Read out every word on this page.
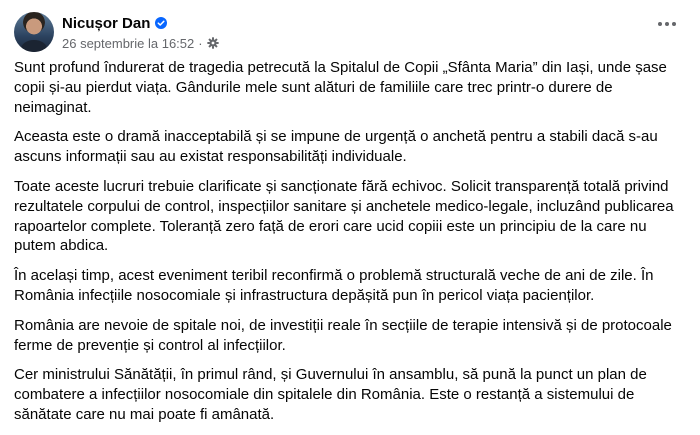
Nicușor Dan
26 septembrie la 16:52 ·

Sunt profund îndurerat de tragedia petrecută la Spitalul de Copii „Sfânta Maria” din Iași, unde șase copii și-au pierdut viața. Gândurile mele sunt alături de familiile care trec printr-o durere de neimaginat.

Aceasta este o dramă inacceptabilă și se impune de urgență o anchetă pentru a stabili dacă s-au ascuns informații sau au existat responsabilități individuale.

Toate aceste lucruri trebuie clarificate și sancționate fără echivoc. Solicit transparență totală privind rezultatele corpului de control, inspecțiilor sanitare și anchetele medico-legale, incluzând publicarea rapoartelor complete. Toleranță zero față de erori care ucid copiii este un principiu de la care nu putem abdica.

În același timp, acest eveniment teribil reconfirmă o problemă structurală veche de ani de zile. În România infecțiile nosocomiale și infrastructura depășită pun în pericol viața pacienților.

România are nevoie de spitale noi, de investiții reale în secțiile de terapie intensivă și de protocoale ferme de prevenție și control al infecțiilor.

Cer ministrului Sănătății, în primul rând, și Guvernului în ansamblu, să pună la punct un plan de combatere a infecțiilor nosocomiale din spitalele din România. Este o restanță a sistemului de sănătate care nu mai poate fi amânată.
